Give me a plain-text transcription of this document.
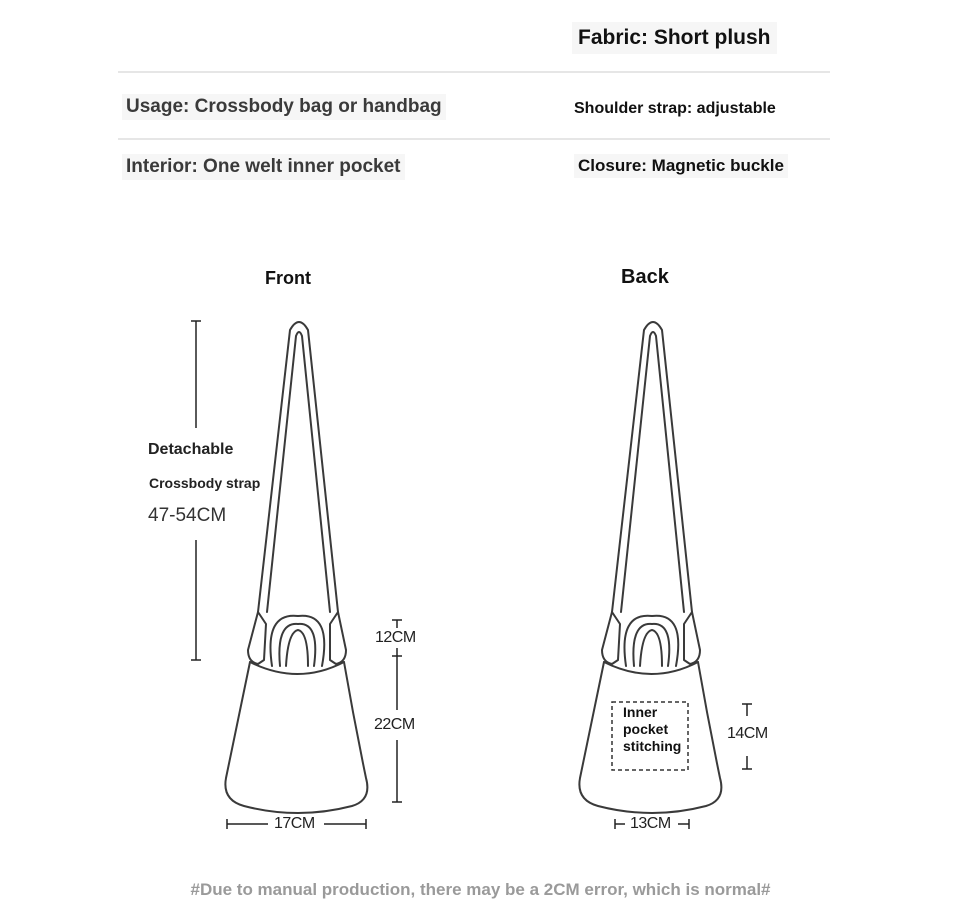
Fabric: Short plush
Usage: Crossbody bag or handbag	Shoulder strap: adjustable
Interior: One welt inner pocket	Closure: Magnetic buckle
Front	Back
Detachable
Crossbody strap
47-54CM
12CM
22CM
17CM
Inner
pocket
stitching
14CM
13CM
#Due to manual production, there may be a 2CM error, which is normal#
